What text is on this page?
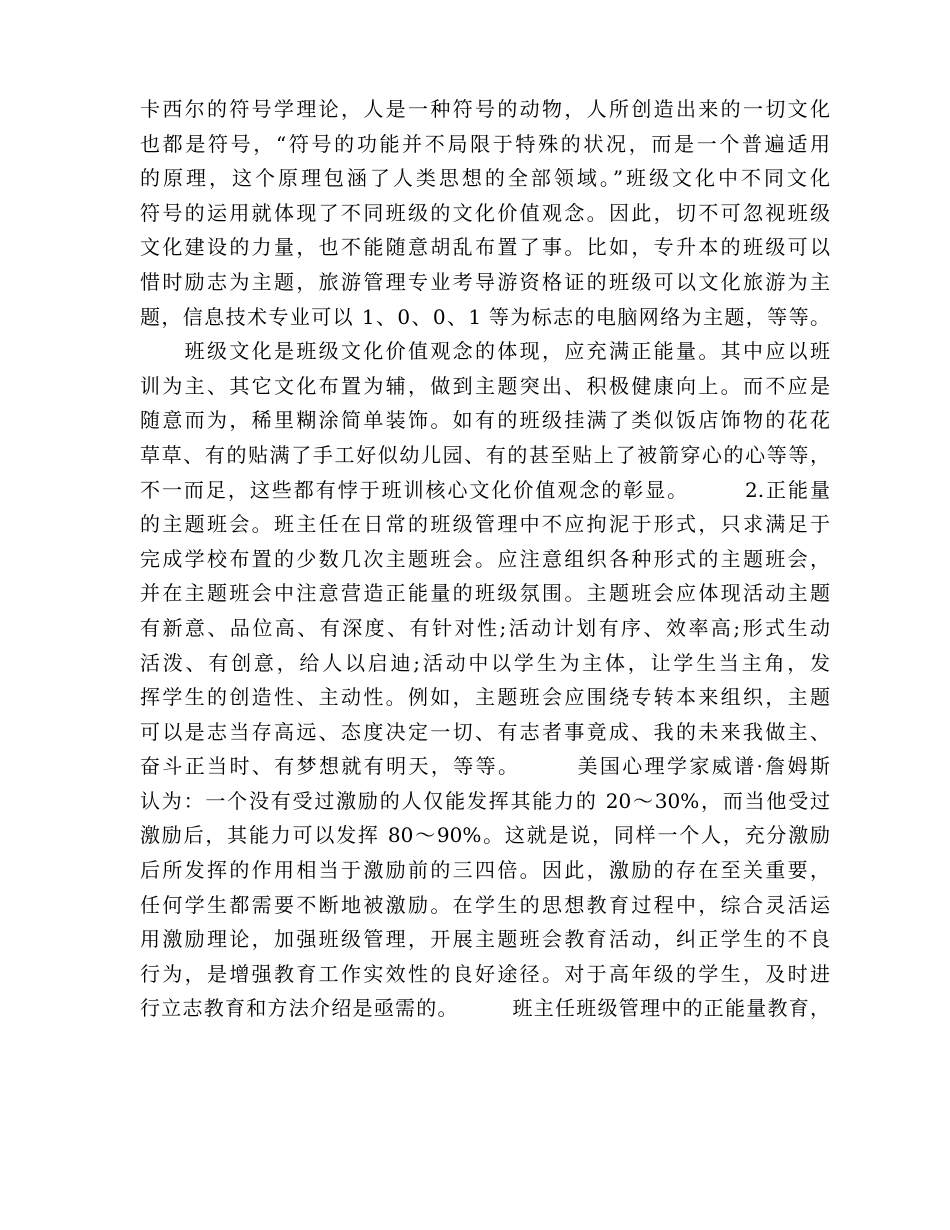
卡西尔的符号学理论，人是一种符号的动物，人所创造出来的一切文化
也都是符号，“符号的功能并不局限于特殊的状况，而是一个普遍适用
的原理，这个原理包涵了人类思想的全部领域。”班级文化中不同文化
符号的运用就体现了不同班级的文化价值观念。因此，切不可忽视班级
文化建设的力量，也不能随意胡乱布置了事。比如，专升本的班级可以
惜时励志为主题，旅游管理专业考导游资格证的班级可以文化旅游为主
题，信息技术专业可以 1、0、0、1 等为标志的电脑网络为主题，等等。
　　班级文化是班级文化价值观念的体现，应充满正能量。其中应以班
训为主、其它文化布置为辅，做到主题突出、积极健康向上。而不应是
随意而为，稀里糊涂简单装饰。如有的班级挂满了类似饭店饰物的花花
草草、有的贴满了手工好似幼儿园、有的甚至贴上了被箭穿心的心等等，
不一而足，这些都有悖于班训核心文化价值观念的彰显。　　　2.正能量
的主题班会。班主任在日常的班级管理中不应拘泥于形式，只求满足于
完成学校布置的少数几次主题班会。应注意组织各种形式的主题班会，
并在主题班会中注意营造正能量的班级氛围。主题班会应体现活动主题
有新意、品位高、有深度、有针对性;活动计划有序、效率高;形式生动
活泼、有创意，给人以启迪;活动中以学生为主体，让学生当主角，发
挥学生的创造性、主动性。例如，主题班会应围绕专转本来组织，主题
可以是志当存高远、态度决定一切、有志者事竟成、我的未来我做主、
奋斗正当时、有梦想就有明天，等等。　　　美国心理学家威谱·詹姆斯
认为：一个没有受过激励的人仅能发挥其能力的 20～30%，而当他受过
激励后，其能力可以发挥 80～90%。这就是说，同样一个人，充分激励
后所发挥的作用相当于激励前的三四倍。因此，激励的存在至关重要，
任何学生都需要不断地被激励。在学生的思想教育过程中，综合灵活运
用激励理论，加强班级管理，开展主题班会教育活动，纠正学生的不良
行为，是增强教育工作实效性的良好途径。对于高年级的学生，及时进
行立志教育和方法介绍是亟需的。　　　班主任班级管理中的正能量教育，
